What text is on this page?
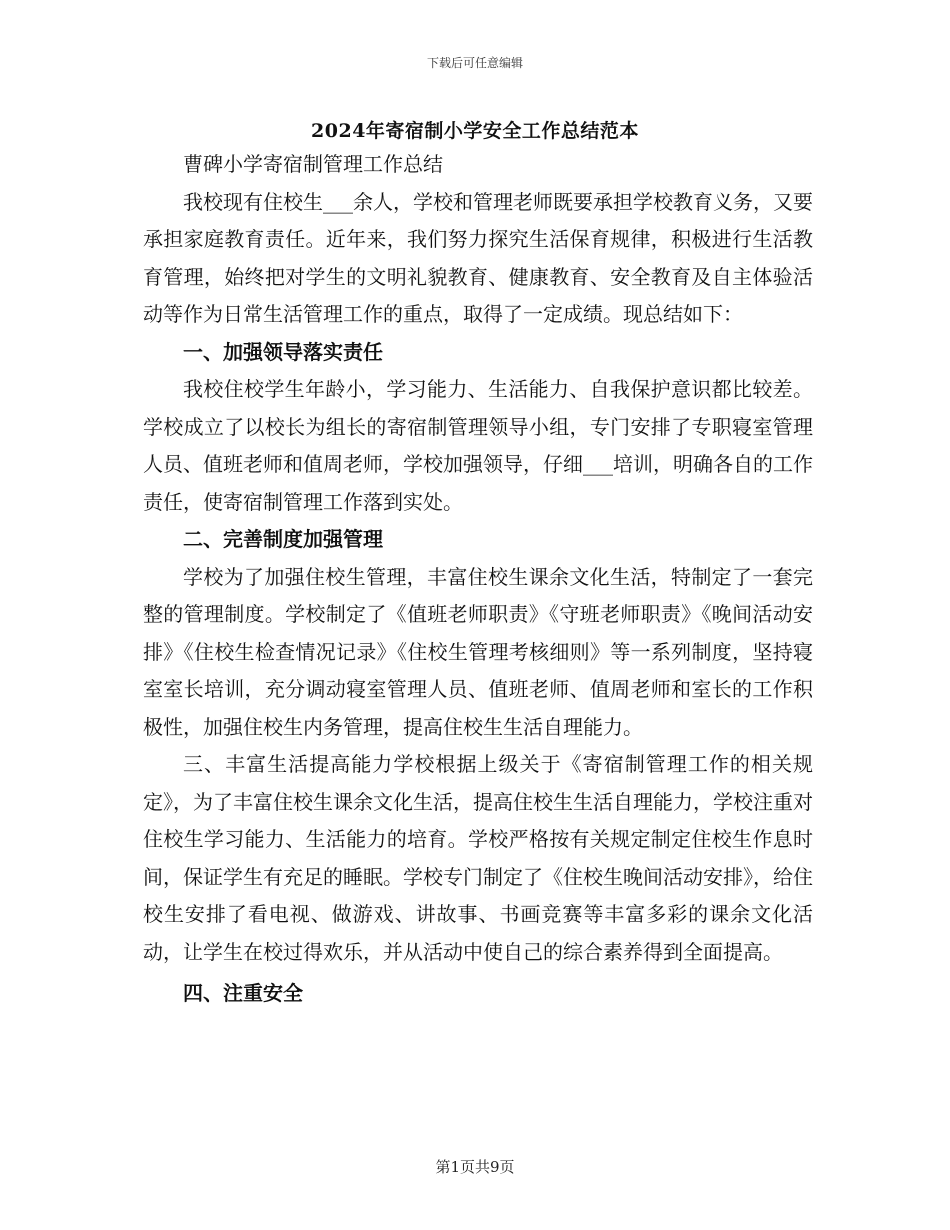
下载后可任意编辑
2024年寄宿制小学安全工作总结范本

曹碑小学寄宿制管理工作总结

我校现有住校生___余人，学校和管理老师既要承担学校教育义务，又要承担家庭教育责任。近年来，我们努力探究生活保育规律，积极进行生活教育管理，始终把对学生的文明礼貌教育、健康教育、安全教育及自主体验活动等作为日常生活管理工作的重点，取得了一定成绩。现总结如下：

一、加强领导落实责任

我校住校学生年龄小，学习能力、生活能力、自我保护意识都比较差。学校成立了以校长为组长的寄宿制管理领导小组，专门安排了专职寝室管理人员、值班老师和值周老师，学校加强领导，仔细___培训，明确各自的工作责任，使寄宿制管理工作落到实处。

二、完善制度加强管理

学校为了加强住校生管理，丰富住校生课余文化生活，特制定了一套完整的管理制度。学校制定了《值班老师职责》《守班老师职责》《晚间活动安排》《住校生检查情况记录》《住校生管理考核细则》等一系列制度，坚持寝室室长培训，充分调动寝室管理人员、值班老师、值周老师和室长的工作积极性，加强住校生内务管理，提高住校生生活自理能力。

三、丰富生活提高能力学校根据上级关于《寄宿制管理工作的相关规定》，为了丰富住校生课余文化生活，提高住校生生活自理能力，学校注重对住校生学习能力、生活能力的培育。学校严格按有关规定制定住校生作息时间，保证学生有充足的睡眠。学校专门制定了《住校生晚间活动安排》，给住校生安排了看电视、做游戏、讲故事、书画竞赛等丰富多彩的课余文化活动，让学生在校过得欢乐，并从活动中使自己的综合素养得到全面提高。

四、注重安全

第1页共9页
